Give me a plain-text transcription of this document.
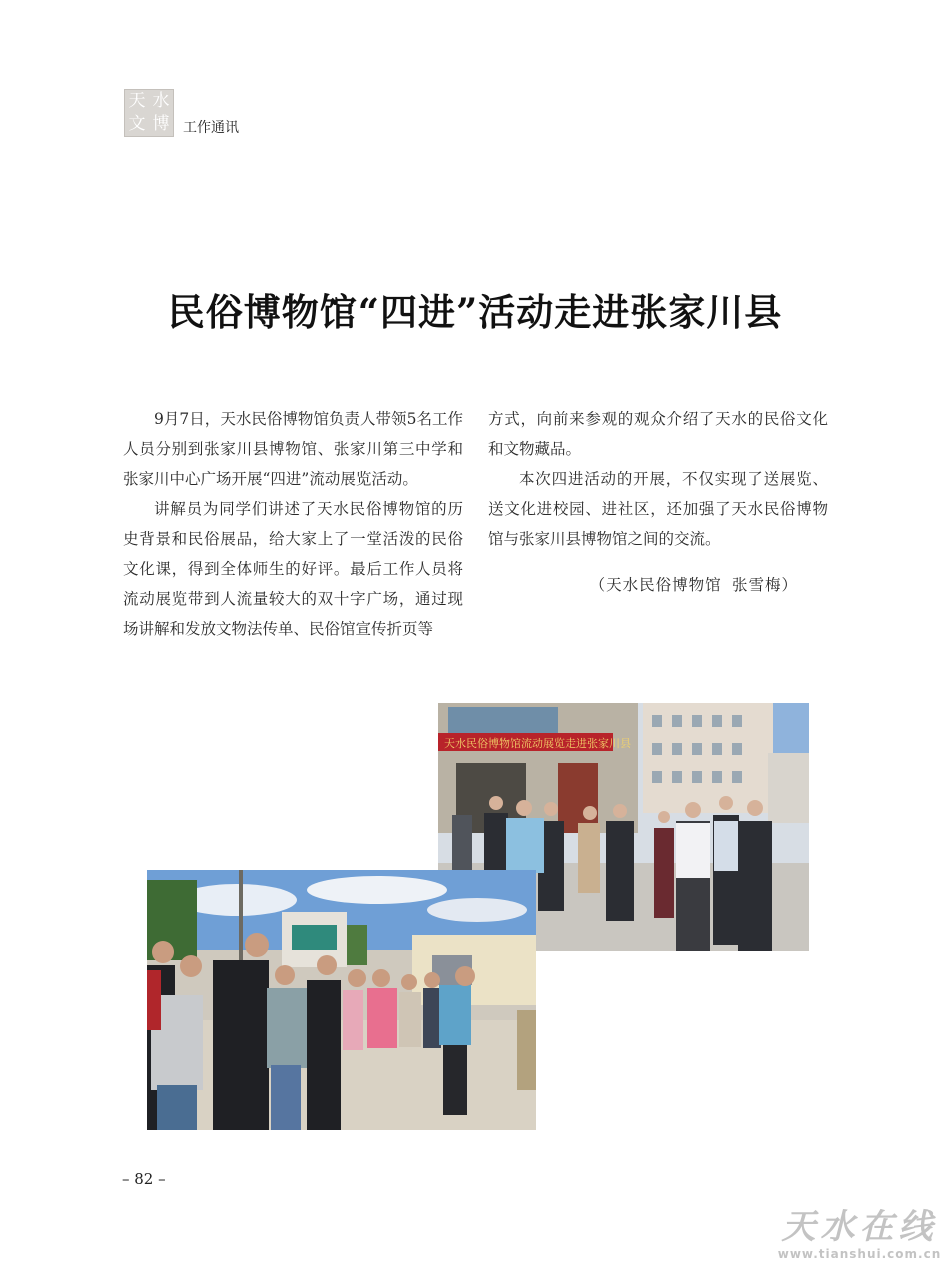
天 水
文 博 工作通讯
民俗博物馆“四进”活动走进张家川县

9月7日，天水民俗博物馆负责人带领5名工作人员分别到张家川县博物馆、张家川第三中学和张家川中心广场开展“四进”流动展览活动。

讲解员为同学们讲述了天水民俗博物馆的历史背景和民俗展品，给大家上了一堂活泼的民俗文化课，得到全体师生的好评。最后工作人员将流动展览带到人流量较大的双十字广场，通过现场讲解和发放文物法传单、民俗馆宣传折页等

方式，向前来参观的观众介绍了天水的民俗文化和文物藏品。

本次四进活动的开展，不仅实现了送展览、送文化进校园、进社区，还加强了天水民俗博物馆与张家川县博物馆之间的交流。

（天水民俗博物馆 张雪梅）
天水民俗博物馆流动展览走进张家川县
– 82 –
天水在线
www.tianshui.com.cn
